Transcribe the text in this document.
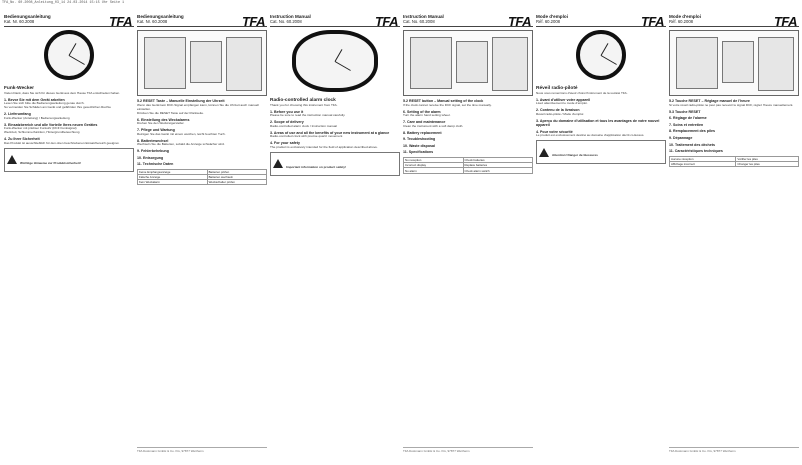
TFA_No. 60.2008_Anleitung_03_14 24.03.2014 15:15 Uhr Seite 1
Bedienungsanleitung
Kat. Nr. 60.2008	TFA
Funk-Wecker
Vielen Dank, dass Sie sich für dieses Gerät aus dem Hause TFA entschieden haben.
1. Bevor Sie mit dem Gerät arbeiten
Lesen Sie sich bitte die Bedienungsanleitung genau durch.
So vermeiden Sie Schäden am Gerät und gefährden Ihre gesetzlichen Rechte
2. Lieferumfang
Funk-Wecker (Anleitung) / Bedienungsanleitung
3. Einsatzbereich und alle Vorteile Ihres neuen Gerätes
Funk-Wecker mit präziser Funkuhr (DCF Funksignal)
Weckzeit, Schlummerfunktion, Hintergrundbeleuchtung
4. Zu Ihrer Sicherheit
Das Produkt ist ausschließlich für den oben beschriebenen Einsatzbereich geeignet.
Wichtige Hinweise zur Produktsicherheit!
Bedienungsanleitung
Kat. Nr. 60.2008	TFA
TFA Dostmann GmbH & Co. KG, 97877 Wertheim
5.2 RESET Taste – Manuelle Einstellung der Uhrzeit
Wenn das Gerät kein DCF-Signal empfangen kann, können Sie die Uhrzeit auch manuell einstellen.
Drücken Sie die RESET Taste auf der Rückseite.
6. Einstellung des Weckalarms
Drehen Sie den Weckzeigersteller.
7. Pflege und Wartung
Reinigen Sie das Gerät mit einem weichen, leicht feuchten Tuch.
8. Batteriewechsel
Wechseln Sie die Batterien, sobald die Anzeige schwächer wird.
9. Fehlerbehebung
10. Entsorgung
11. Technische Daten
Keine Empfangsanzeige	Batterien prüfen
Falsche Anzeige	Batterien wechseln
Kein Weckalarm	Weckschalter prüfen
Instruction Manual
Cat. No. 60.2008	TFA
Radio-controlled alarm clock
Thank you for choosing this instrument from TFA.
1. Before you use it
Please be sure to read the instruction manual carefully.
2. Scope of delivery
Radio-controlled alarm clock / Instruction manual
3. Areas of use and all the benefits of your new instrument at a glance
Radio-controlled clock with precise quartz movement
4. For your safety
The product is exclusively intended for the field of application described above.
Important information on product safety!
Instruction Manual
Cat. No. 60.2008	TFA
TFA Dostmann GmbH & Co. KG, 97877 Wertheim
5.2 RESET button – Manual setting of the clock
If the clock cannot receive the DCF signal, set the time manually.
6. Setting of the alarm
Turn the alarm hand setting wheel.
7. Care and maintenance
Clean the instrument with a soft damp cloth.
8. Battery replacement
9. Troubleshooting
10. Waste disposal
11. Specifications
No reception	Check batteries
Incorrect display	Replace batteries
No alarm	Check alarm switch
Mode d'emploi
Réf. 60.2008	TFA
Réveil radio-piloté
Nous vous remercions d'avoir choisi l'instrument de la société TFA.
1. Avant d'utiliser votre appareil
Lisez attentivement le mode d'emploi.
2. Contenu de la livraison
Réveil radio-piloté / Mode d'emploi
3. Aperçu du domaine d'utilisation et tous les avantages de votre nouvel appareil
4. Pour votre sécurité
Le produit est exclusivement destiné au domaine d'application décrit ci-dessus.
Attention! Danger de blessures
Mode d'emploi
Réf. 60.2008	TFA
TFA Dostmann GmbH & Co. KG, 97877 Wertheim
5.2 Touche RESET – Réglage manuel de l'heure
Si votre réveil radio-piloté ne peut pas recevoir le signal DCF, réglez l'heure manuellement.
5.3 Touche RESET
6. Réglage de l'alarme
7. Soins et entretien
8. Remplacement des piles
9. Dépannage
10. Traitement des déchets
11. Caractéristiques techniques
Aucune réception	Vérifier les piles
Affichage incorrect	Changer les piles
